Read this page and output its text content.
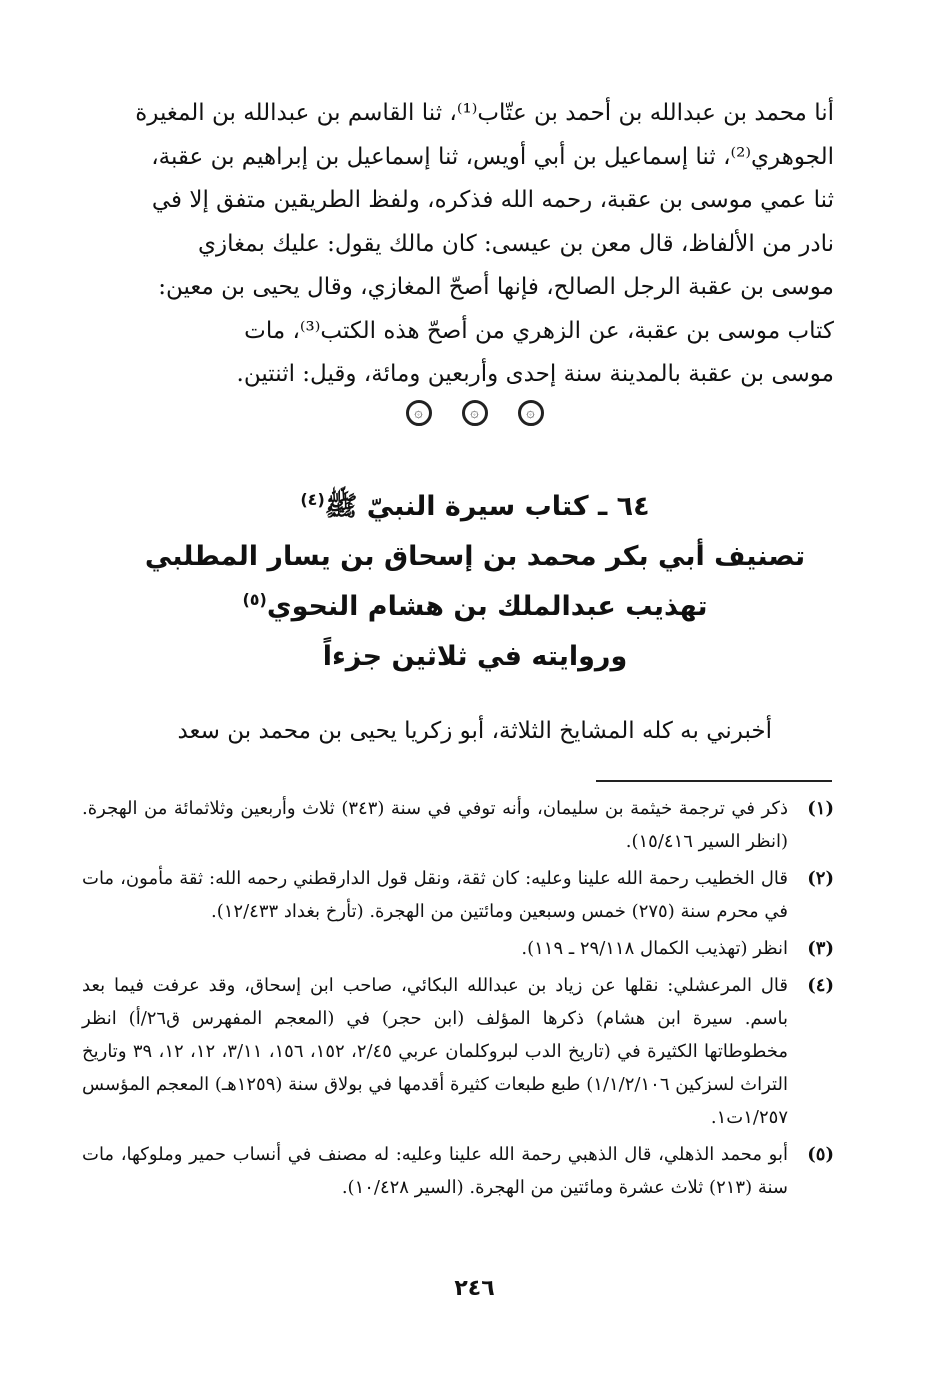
أنا محمد بن عبدالله بن أحمد بن عتّاب⁽¹⁾، ثنا القاسم بن عبدالله بن المغيرة

الجوهري⁽²⁾، ثنا إسماعيل بن أبي أويس، ثنا إسماعيل بن إبراهيم بن عقبة،

ثنا عمي موسى بن عقبة، رحمه الله فذكره، ولفظ الطريقين متفق إلا في

نادر من الألفاظ، قال معن بن عيسى: كان مالك يقول: عليك بمغازي

موسى بن عقبة الرجل الصالح، فإنها أصحّ المغازي، وقال يحيى بن معين:

كتاب موسى بن عقبة، عن الزهري من أصحّ هذه الكتب⁽³⁾، مات

موسى بن عقبة بالمدينة سنة إحدى وأربعين ومائة، وقيل: اثنتين.

۞	۞	۞
٦٤ ـ كتاب سيرة النبيّ ﷺ$^{(٤)}$
تصنيف أبي بكر محمد بن إسحاق بن يسار المطلبي
تهذيب عبدالملك بن هشام النحوي$^{(٥)}$
وروايته في ثلاثين جزءاً
أخبرني به كله المشايخ الثلاثة، أبو زكريا يحيى بن محمد بن سعد
(١)
ذكر في ترجمة خيثمة بن سليمان، وأنه توفي في سنة (٣٤٣) ثلاث وأربعين وثلاثمائة من الهجرة. (انظر السير ١٥/٤١٦).
(٢)
قال الخطيب رحمة الله علينا وعليه: كان ثقة، ونقل قول الدارقطني رحمه الله: ثقة مأمون، مات في محرم سنة (٢٧٥) خمس وسبعين ومائتين من الهجرة. (تأرخ بغداد ١٢/٤٣٣).
(٣)
انظر (تهذيب الكمال ٢٩/١١٨ ـ ١١٩).
(٤)
قال المرعشلي: نقلها عن زياد بن عبدالله البكائي، صاحب ابن إسحاق، وقد عرفت فيما بعد باسم. سيرة ابن هشام) ذكرها المؤلف (ابن حجر) في (المعجم المفهرس ق٢٦/أ) انظر مخطوطاتها الكثيرة في (تاريخ الدب لبروكلمان عربي ٢/٤٥، ١٥٢، ١٥٦، ٣/١١، ١٢، ١٢، ٣٩ وتاريخ التراث لسزكين ١/١/٢/١٠٦) طبع طبعات كثيرة أقدمها في بولاق سنة (١٢٥٩هـ) المعجم المؤسس ١/٢٥٧ت١.
(٥)
أبو محمد الذهلي، قال الذهبي رحمة الله علينا وعليه: له مصنف في أنساب حمير وملوكها، مات سنة (٢١٣) ثلاث عشرة ومائتين من الهجرة. (السير ١٠/٤٢٨).
٢٤٦
